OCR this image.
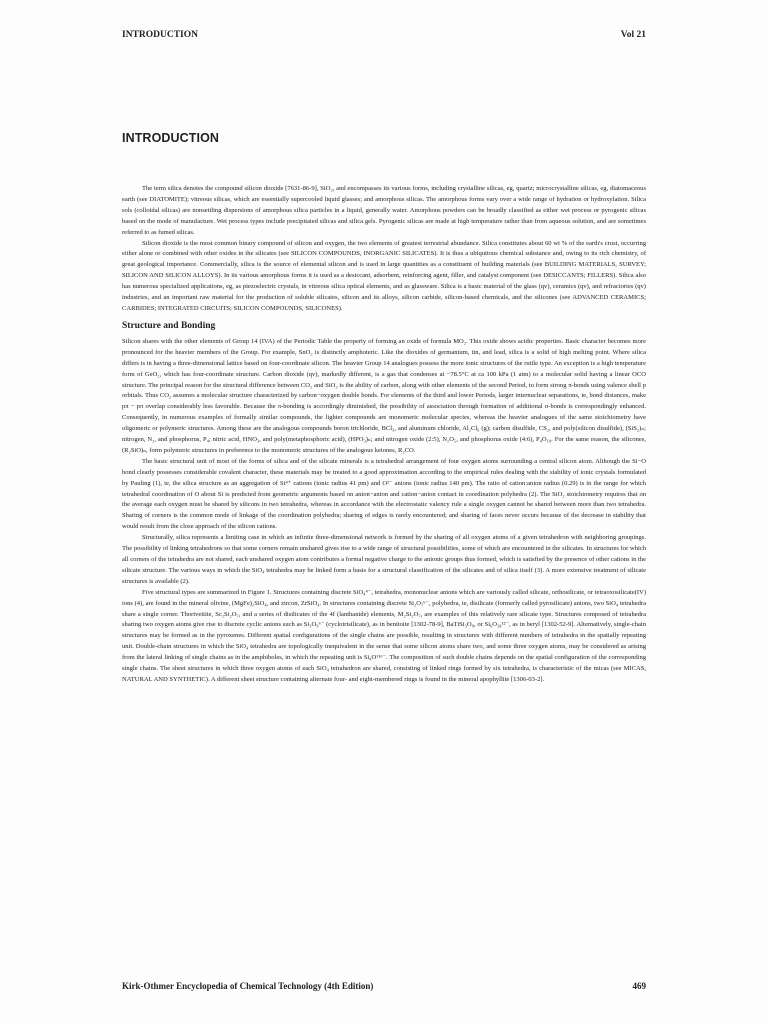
INTRODUCTION	Vol 21
INTRODUCTION

The term silica denotes the compound silicon dioxide [7631-86-9], SiO₂, and encompasses its various forms, including crystalline silicas, eg, quartz; microcrystalline silicas, eg, diatomaceous earth (see DIATOMITE); vitreous silicas, which are essentially supercooled liquid glasses; and amorphous silicas. The amorphous forms vary over a wide range of hydration or hydroxylation. Silica sols (colloidal silicas) are nonsettling dispersions of amorphous silica particles in a liquid, generally water. Amorphous powders can be broadly classified as either wet process or pyrogenic silicas based on the mode of manufacture. Wet process types include precipitated silicas and silica gels. Pyrogenic silicas are made at high temperature rather than from aqueous solution, and are sometimes referred to as fumed silicas.

Silicon dioxide is the most common binary compound of silicon and oxygen, the two elements of greatest terrestrial abundance. Silica constitutes about 60 wt % of the earth's crust, occurring either alone or combined with other oxides in the silicates (see SILICON COMPOUNDS, INORGANIC SILICATES). It is thus a ubiquitous chemical substance and, owing to its rich chemistry, of great geological importance. Commercially, silica is the source of elemental silicon and is used in large quantities as a constituent of building materials (see BUILDING MATERIALS, SURVEY; SILICON AND SILICON ALLOYS). In its various amorphous forms it is used as a desiccant, adsorbent, reinforcing agent, filler, and catalyst component (see DESICCANTS; FILLERS). Silica also has numerous specialized applications, eg, as piezoelectric crystals, in vitreous silica optical elements, and as glassware. Silica is a basic material of the glass (qv), ceramics (qv), and refractories (qv) industries, and an important raw material for the production of soluble silicates, silicon and its alloys, silicon carbide, silicon-based chemicals, and the silicones (see ADVANCED CERAMICS; CARBIDES; INTEGRATED CIRCUITS; SILICON COMPOUNDS, SILICONES).

Structure and Bonding

Silicon shares with the other elements of Group 14 (IVA) of the Periodic Table the property of forming an oxide of formula MO₂. This oxide shows acidic properties. Basic character becomes more pronounced for the heavier members of the Group. For example, SnO₂ is distinctly amphoteric. Like the dioxides of germanium, tin, and lead, silica is a solid of high melting point. Where silica differs is in having a three-dimensional lattice based on four-coordinate silicon. The heavier Group 14 analogues possess the more ionic structures of the rutile type. An exception is a high temperature form of GeO₂, which has four-coordinate structure. Carbon dioxide (qv), markedly different, is a gas that condenses at −78.5°C at ca 100 kPa (1 atm) to a molecular solid having a linear OCO structure. The principal reason for the structural difference between CO₂ and SiO₂ is the ability of carbon, along with other elements of the second Period, to form strong π-bonds using valence shell p orbitals. Thus CO₂ assumes a molecular structure characterized by carbon−oxygen double bonds. For elements of the third and lower Periods, larger internuclear separations, ie, bond distances, make pπ − pπ overlap considerably less favorable. Because the π-bonding is accordingly diminished, the possibility of association through formation of additional σ-bonds is correspondingly enhanced. Consequently, in numerous examples of formally similar compounds, the lighter compounds are monomeric molecular species, whereas the heavier analogues of the same stoichiometry have oligomeric or polymeric structures. Among these are the analogous compounds boron trichloride, BCl₃, and aluminum chloride, Al₂Cl₆ (g); carbon disulfide, CS₂, and poly(silicon disulfide), (SiS₂)ₙ; nitrogen, N₂, and phosphorus, P₄; nitric acid, HNO₃, and poly(metaphosphoric acid), (HPO₃)ₙ; and nitrogen oxide (2:5), N₂O₅, and phosphorus oxide (4:6), P₄O₁₀. For the same reason, the silicones, (R₂SiO)ₙ, form polymeric structures in preference to the monomeric structures of the analogous ketones, R₂CO.

The basic structural unit of most of the forms of silica and of the silicate minerals is a tetrahedral arrangement of four oxygen atoms surrounding a central silicon atom. Although the Si−O bond clearly possesses considerable covalent character, these materials may be treated to a good approximation according to the empirical rules dealing with the stability of ionic crystals formulated by Pauling (1), ie, the silica structure as an aggregation of Si⁴⁺ cations (ionic radius 41 pm) and O²⁻ anions (ionic radius 140 pm). The ratio of cation:anion radius (0.29) is in the range for which tetrahedral coordination of O about Si is predicted from geometric arguments based on anion−anion and cation−anion contact in coordination polyhedra (2). The SiO₂ stoichiometry requires that on the average each oxygen must be shared by silicons in two tetrahedra, whereas in accordance with the electrostatic valency rule a single oxygen cannot be shared between more than two tetrahedra. Sharing of corners is the common mode of linkage of the coordination polyhedra; sharing of edges is rarely encountered; and sharing of faces never occurs because of the decrease in stability that would result from the close approach of the silicon cations.

Structurally, silica represents a limiting case in which an infinite three-dimensional network is formed by the sharing of all oxygen atoms of a given tetrahedron with neighboring groupings. The possibility of linking tetrahedrons so that some corners remain unshared gives rise to a wide range of structural possibilities, some of which are encountered in the silicates. In structures for which all corners of the tetrahedra are not shared, each unshared oxygen atom contributes a formal negative charge to the anionic groups thus formed, which is satisfied by the presence of other cations in the silicate structure. The various ways in which the SiO₄ tetrahedra may be linked form a basis for a structural classification of the silicates and of silica itself (3). A more extensive treatment of silicate structures is available (2).

Five structural types are summarized in Figure 1. Structures containing discrete SiO₄⁴⁻, tetrahedra, mononuclear anions which are variously called silicate, orthosilicate, or tetraoxosilicate(IV) ions (4), are found in the mineral olivine, (MgFe)₂SiO₄, and zircon, ZrSiO₄. In structures containing discrete Si₂O₇⁶⁻, polyhedra, ie, disilicate (formerly called pyrosilicate) anions, two SiO₄ tetrahedra share a single corner. Thortveitite, Sc₂Si₂O₇, and a series of disilicates of the 4f (lanthanide) elements, M₂Si₂O₇, are examples of this relatively rare silicate type. Structures composed of tetrahedra sharing two oxygen atoms give rise to discrete cyclic anions such as Si₃O₉⁶⁻ (cyclotrisilicate), as in benitoite [1302-78-9], BaTiSi₃O₉, or Si₆O₁₈¹²⁻, as in beryl [1302-52-9]. Alternatively, single-chain structures may be formed as in the pyroxenes. Different spatial configurations of the single chains are possible, resulting in structures with different numbers of tetrahedra in the spatially repeating unit. Double-chain structures in which the SiO₄ tetrahedra are topologically inequivalent in the sense that some silicon atoms share two, and some three oxygen atoms, may be considered as arising from the lateral linking of single chains as in the amphiboles, in which the repeating unit is Si₄O¹¹⁶⁻. The composition of such double chains depends on the spatial configuration of the corresponding single chains. The sheet structures in which three oxygen atoms of each SiO₄ tetrahedron are shared, consisting of linked rings formed by six tetrahedra, is characteristic of the micas (see MICAS, NATURAL AND SYNTHETIC). A different sheet structure containing alternate four- and eight-membered rings is found in the mineral apophyllite [1306-03-2].

Kirk-Othmer Encyclopedia of Chemical Technology (4th Edition)	469
